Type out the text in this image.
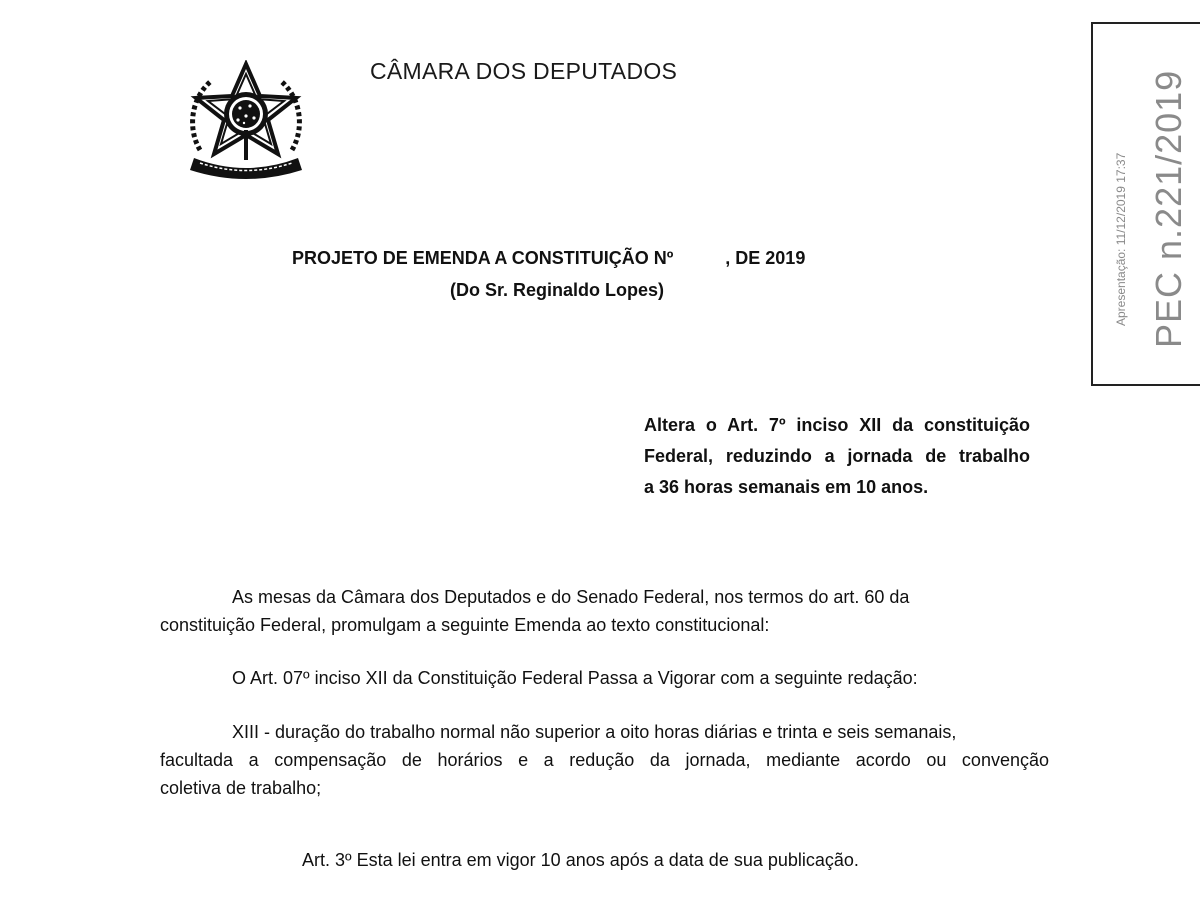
CÂMARA DOS DEPUTADOS
Apresentação: 11/12/2019 17:37 PEC n.221/2019
PROJETO DE EMENDA A CONSTITUIÇÃO Nº	, DE 2019
(Do Sr. Reginaldo Lopes)
Altera o Art. 7º inciso XII da constituição
Federal, reduzindo a jornada de trabalho
a 36 horas semanais em 10 anos.
As mesas da Câmara dos Deputados e do Senado Federal, nos termos do art. 60 da
constituição Federal, promulgam a seguinte Emenda ao texto constitucional:
O Art. 07º inciso XII da Constituição Federal Passa a Vigorar com a seguinte redação:
XIII - duração do trabalho normal não superior a oito horas diárias e trinta e seis semanais,
facultada a compensação de horários e a redução da jornada, mediante acordo ou convenção
coletiva de trabalho;
Art. 3º Esta lei entra em vigor 10 anos após a data de sua publicação.
